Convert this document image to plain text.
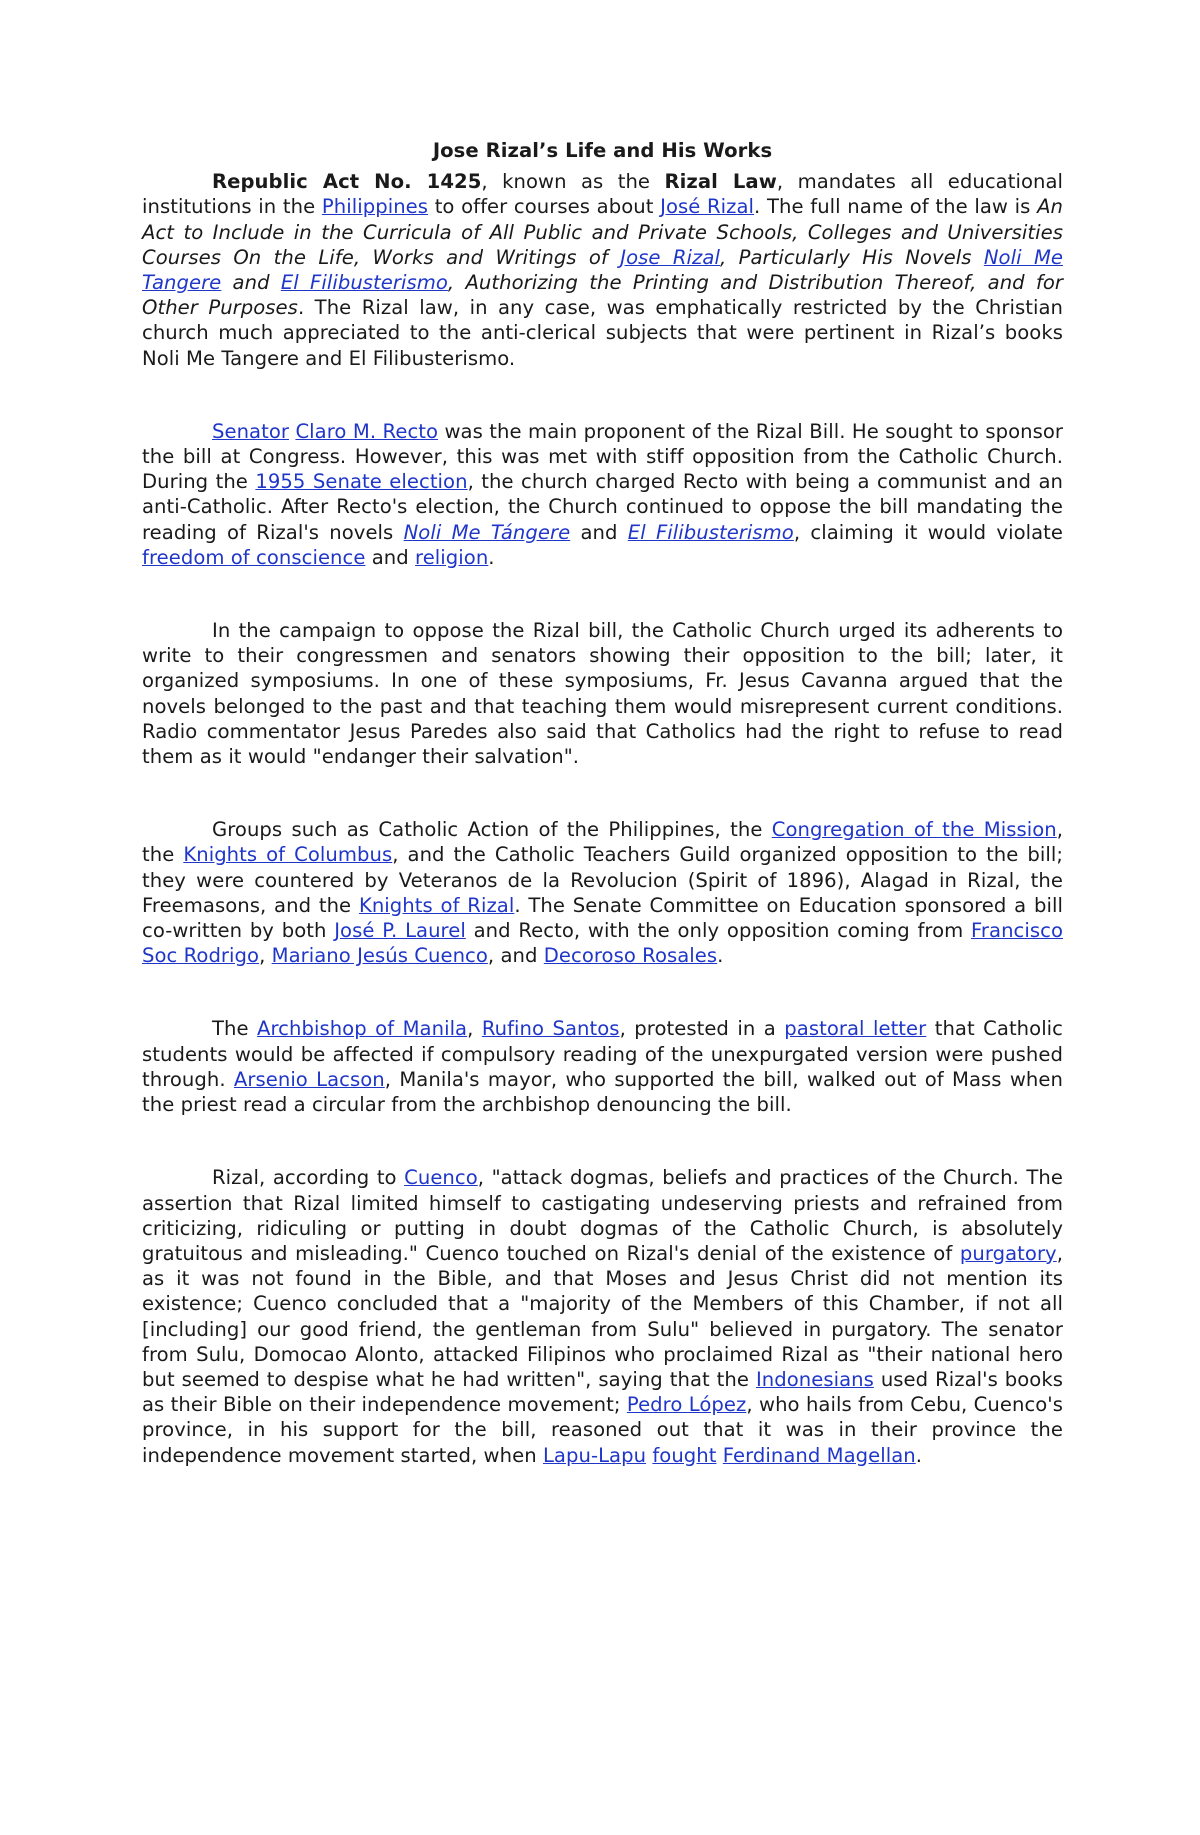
Jose Rizal’s Life and His Works

Republic Act No. 1425, known as the Rizal Law, mandates all educational institutions in the Philippines to offer courses about José Rizal. The full name of the law is An Act to Include in the Curricula of All Public and Private Schools, Colleges and Universities Courses On the Life, Works and Writings of Jose Rizal, Particularly His Novels Noli Me Tangere and El Filibusterismo, Authorizing the Printing and Distribution Thereof, and for Other Purposes. The Rizal law, in any case, was emphatically restricted by the Christian church much appreciated to the anti-clerical subjects that were pertinent in Rizal’s books Noli Me Tangere and El Filibusterismo.

Senator Claro M. Recto was the main proponent of the Rizal Bill. He sought to sponsor the bill at Congress. However, this was met with stiff opposition from the Catholic Church. During the 1955 Senate election, the church charged Recto with being a communist and an anti-Catholic. After Recto's election, the Church continued to oppose the bill mandating the reading of Rizal's novels Noli Me Tángere and El Filibusterismo, claiming it would violate freedom of conscience and religion.

In the campaign to oppose the Rizal bill, the Catholic Church urged its adherents to write to their congressmen and senators showing their opposition to the bill; later, it organized symposiums. In one of these symposiums, Fr. Jesus Cavanna argued that the novels belonged to the past and that teaching them would misrepresent current conditions. Radio commentator Jesus Paredes also said that Catholics had the right to refuse to read them as it would "endanger their salvation".

Groups such as Catholic Action of the Philippines, the Congregation of the Mission, the Knights of Columbus, and the Catholic Teachers Guild organized opposition to the bill; they were countered by Veteranos de la Revolucion (Spirit of 1896), Alagad in Rizal, the Freemasons, and the Knights of Rizal. The Senate Committee on Education sponsored a bill co-written by both José P. Laurel and Recto, with the only opposition coming from Francisco Soc Rodrigo, Mariano Jesús Cuenco, and Decoroso Rosales.

The Archbishop of Manila, Rufino Santos, protested in a pastoral letter that Catholic students would be affected if compulsory reading of the unexpurgated version were pushed through. Arsenio Lacson, Manila's mayor, who supported the bill, walked out of Mass when the priest read a circular from the archbishop denouncing the bill.

Rizal, according to Cuenco, "attack dogmas, beliefs and practices of the Church. The assertion that Rizal limited himself to castigating undeserving priests and refrained from criticizing, ridiculing or putting in doubt dogmas of the Catholic Church, is absolutely gratuitous and misleading." Cuenco touched on Rizal's denial of the existence of purgatory, as it was not found in the Bible, and that Moses and Jesus Christ did not mention its existence; Cuenco concluded that a "majority of the Members of this Chamber, if not all [including] our good friend, the gentleman from Sulu" believed in purgatory. The senator from Sulu, Domocao Alonto, attacked Filipinos who proclaimed Rizal as "their national hero but seemed to despise what he had written", saying that the Indonesians used Rizal's books as their Bible on their independence movement; Pedro López, who hails from Cebu, Cuenco's province, in his support for the bill, reasoned out that it was in their province the independence movement started, when Lapu-Lapu fought Ferdinand Magellan.
